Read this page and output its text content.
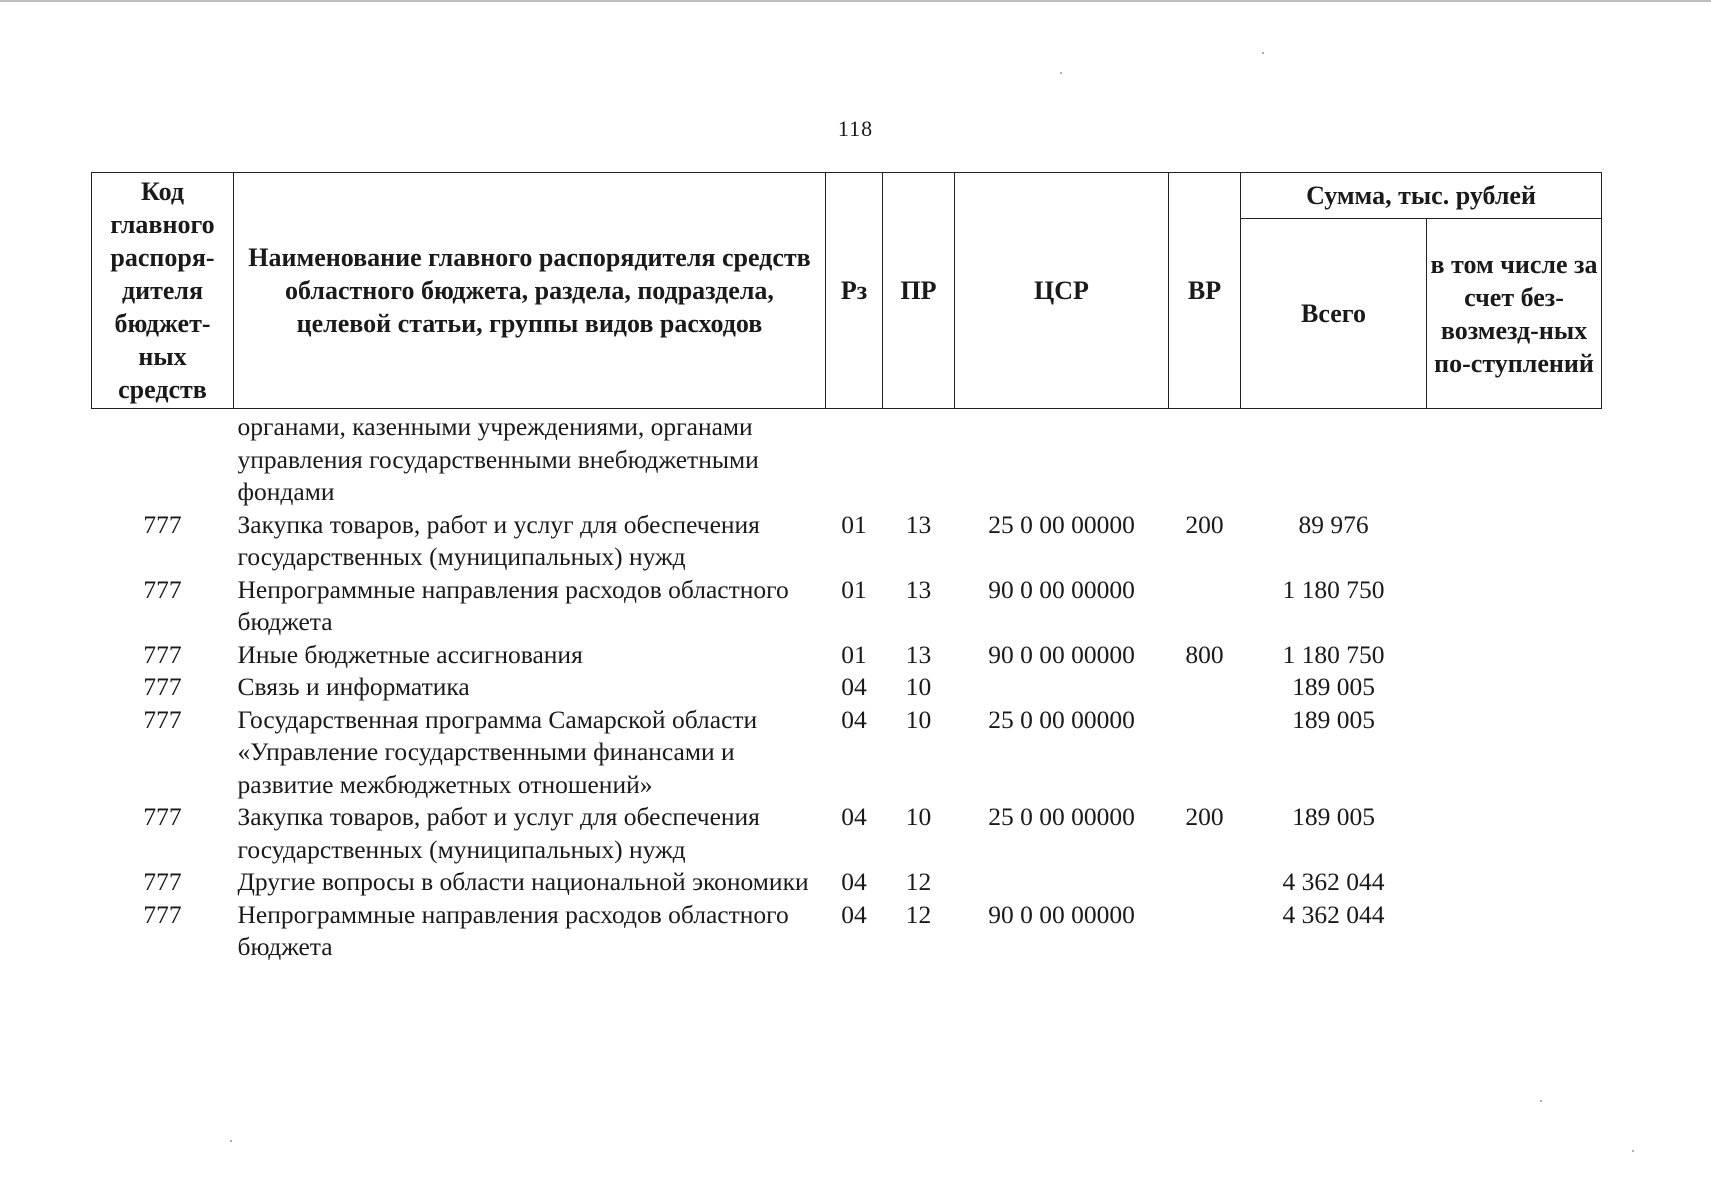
118
Код главного распоря-дителя бюджет-ных средств	Наименование главного распорядителя средств областного бюджета, раздела, подраздела, целевой статьи, группы видов расходов	Рз	ПР	ЦСР	ВР	Сумма, тыс. рублей	
						Всего	в том числе за счет без-возмезд-ных по-ступлений
	органами, казенными учреждениями, органами управления государственными внебюджетными фондами						
777	Закупка товаров, работ и услуг для обеспечения государственных (муниципальных) нужд	01	13	25 0 00 00000	200	89 976	
777	Непрограммные направления расходов областного бюджета	01	13	90 0 00 00000		1 180 750	
777	Иные бюджетные ассигнования	01	13	90 0 00 00000	800	1 180 750	
777	Связь и информатика	04	10			189 005	
777	Государственная программа Самарской области «Управление государственными финансами и развитие межбюджетных отношений»	04	10	25 0 00 00000		189 005	
777	Закупка товаров, работ и услуг для обеспечения государственных (муниципальных) нужд	04	10	25 0 00 00000	200	189 005	
777	Другие вопросы в области национальной экономики	04	12			4 362 044	
777	Непрограммные направления расходов областного бюджета	04	12	90 0 00 00000		4 362 044	
